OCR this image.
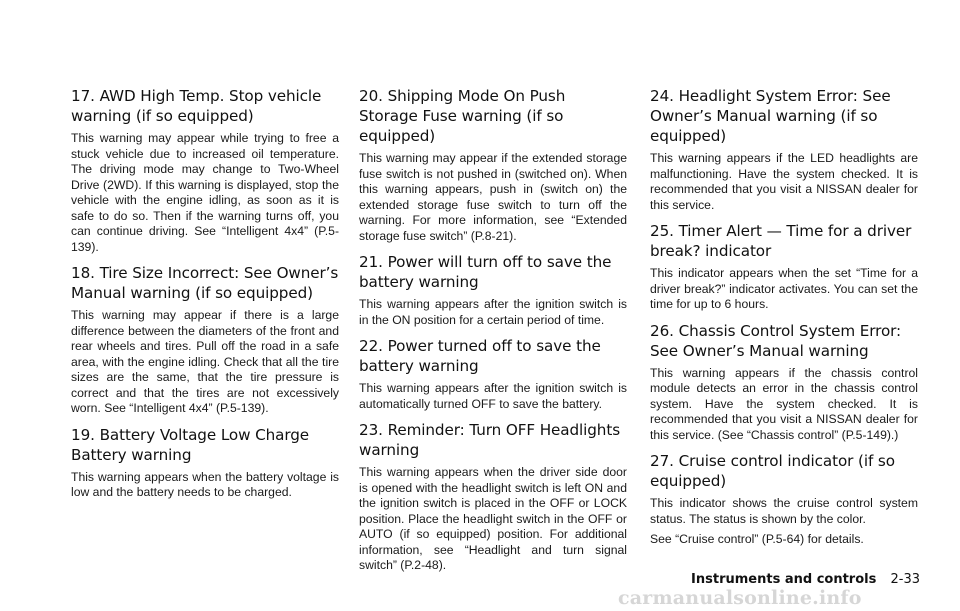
17. AWD High Temp. Stop vehicle warning (if so equipped)

This warning may appear while trying to free a stuck vehicle due to increased oil temperature. The driving mode may change to Two-Wheel Drive (2WD). If this warning is displayed, stop the vehicle with the engine idling, as soon as it is safe to do so. Then if the warning turns off, you can continue driving. See “Intelligent 4x4” (P.5-139).

18. Tire Size Incorrect: See Owner’s Manual warning (if so equipped)

This warning may appear if there is a large difference between the diameters of the front and rear wheels and tires. Pull off the road in a safe area, with the engine idling. Check that all the tire sizes are the same, that the tire pressure is correct and that the tires are not excessively worn. See “Intelligent 4x4” (P.5-139).

19. Battery Voltage Low Charge Battery warning

This warning appears when the battery voltage is low and the battery needs to be charged.

20. Shipping Mode On Push Storage Fuse warning (if so equipped)

This warning may appear if the extended storage fuse switch is not pushed in (switched on). When this warning appears, push in (switch on) the extended storage fuse switch to turn off the warning. For more information, see “Extended storage fuse switch” (P.8-21).

21. Power will turn off to save the battery warning

This warning appears after the ignition switch is in the ON position for a certain period of time.

22. Power turned off to save the battery warning

This warning appears after the ignition switch is automatically turned OFF to save the battery.

23. Reminder: Turn OFF Headlights warning

This warning appears when the driver side door is opened with the headlight switch is left ON and the ignition switch is placed in the OFF or LOCK position. Place the headlight switch in the OFF or AUTO (if so equipped) position. For additional information, see “Headlight and turn signal switch” (P.2-48).

24. Headlight System Error: See Owner’s Manual warning (if so equipped)

This warning appears if the LED headlights are malfunctioning. Have the system checked. It is recommended that you visit a NISSAN dealer for this service.

25. Timer Alert — Time for a driver break? indicator

This indicator appears when the set “Time for a driver break?” indicator activates. You can set the time for up to 6 hours.

26. Chassis Control System Error: See Owner’s Manual warning

This warning appears if the chassis control module detects an error in the chassis control system. Have the system checked. It is recommended that you visit a NISSAN dealer for this service. (See “Chassis control” (P.5-149).)

27. Cruise control indicator (if so equipped)

This indicator shows the cruise control system status. The status is shown by the color.

See “Cruise control” (P.5-64) for details.

Instruments and controls 2-33
carmanualsonline.info
